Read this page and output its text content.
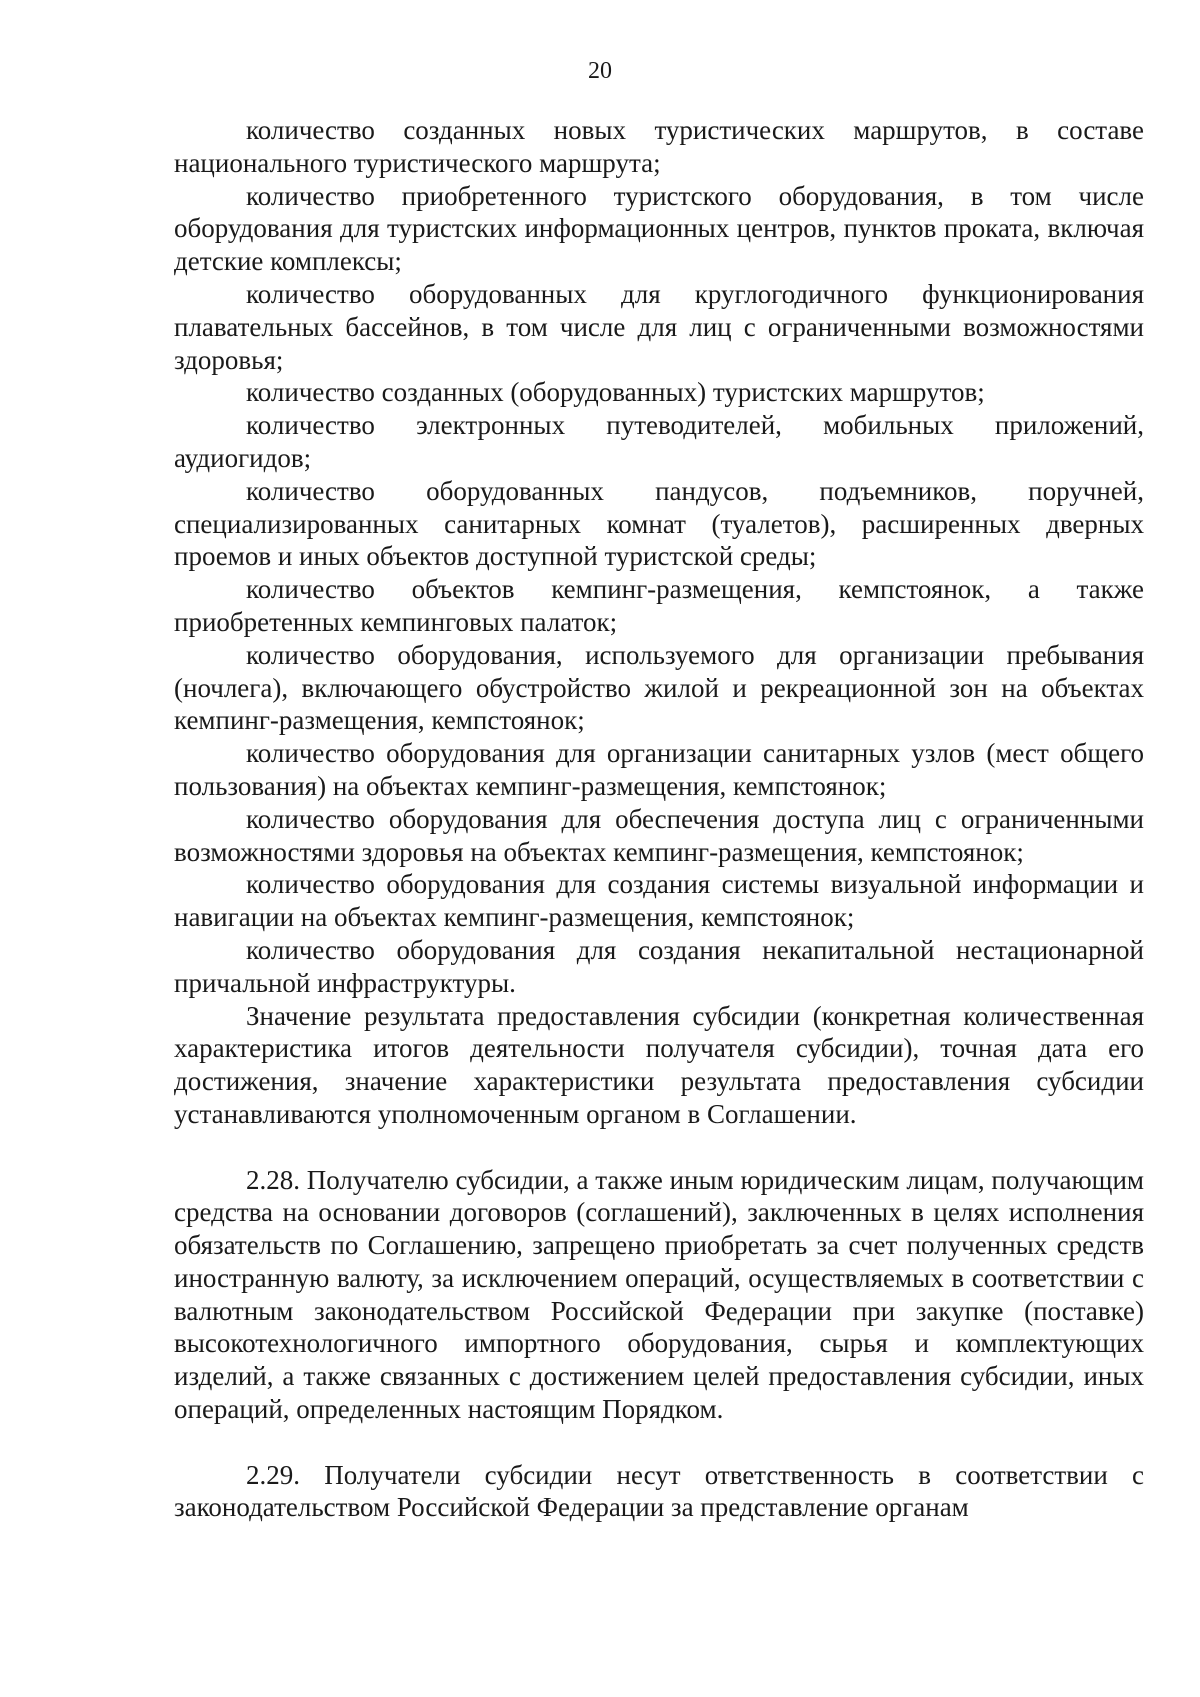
20

количество созданных новых туристических маршрутов, в составе национального туристического маршрута;

количество приобретенного туристского оборудования, в том числе оборудования для туристских информационных центров, пунктов проката, включая детские комплексы;

количество оборудованных для круглогодичного функционирования плавательных бассейнов, в том числе для лиц с ограниченными возможностями здоровья;

количество созданных (оборудованных) туристских маршрутов;

количество электронных путеводителей, мобильных приложений, аудиогидов;

количество оборудованных пандусов, подъемников, поручней, специализированных санитарных комнат (туалетов), расширенных дверных проемов и иных объектов доступной туристской среды;

количество объектов кемпинг-размещения, кемпстоянок, а также приобретенных кемпинговых палаток;

количество оборудования, используемого для организации пребывания (ночлега), включающего обустройство жилой и рекреационной зон на объектах кемпинг-размещения, кемпстоянок;

количество оборудования для организации санитарных узлов (мест общего пользования) на объектах кемпинг-размещения, кемпстоянок;

количество оборудования для обеспечения доступа лиц с ограниченными возможностями здоровья на объектах кемпинг-размещения, кемпстоянок;

количество оборудования для создания системы визуальной информации и навигации на объектах кемпинг-размещения, кемпстоянок;

количество оборудования для создания некапитальной нестационарной причальной инфраструктуры.

Значение результата предоставления субсидии (конкретная количественная характеристика итогов деятельности получателя субсидии), точная дата его достижения, значение характеристики результата предоставления субсидии устанавливаются уполномоченным органом в Соглашении.

2.28. Получателю субсидии, а также иным юридическим лицам, получающим средства на основании договоров (соглашений), заключенных в целях исполнения обязательств по Соглашению, запрещено приобретать за счет полученных средств иностранную валюту, за исключением операций, осуществляемых в соответствии с валютным законодательством Российской Федерации при закупке (поставке) высокотехнологичного импортного оборудования, сырья и комплектующих изделий, а также связанных с достижением целей предоставления субсидии, иных операций, определенных настоящим Порядком.

2.29. Получатели субсидии несут ответственность в соответствии с законодательством Российской Федерации за представление органам
